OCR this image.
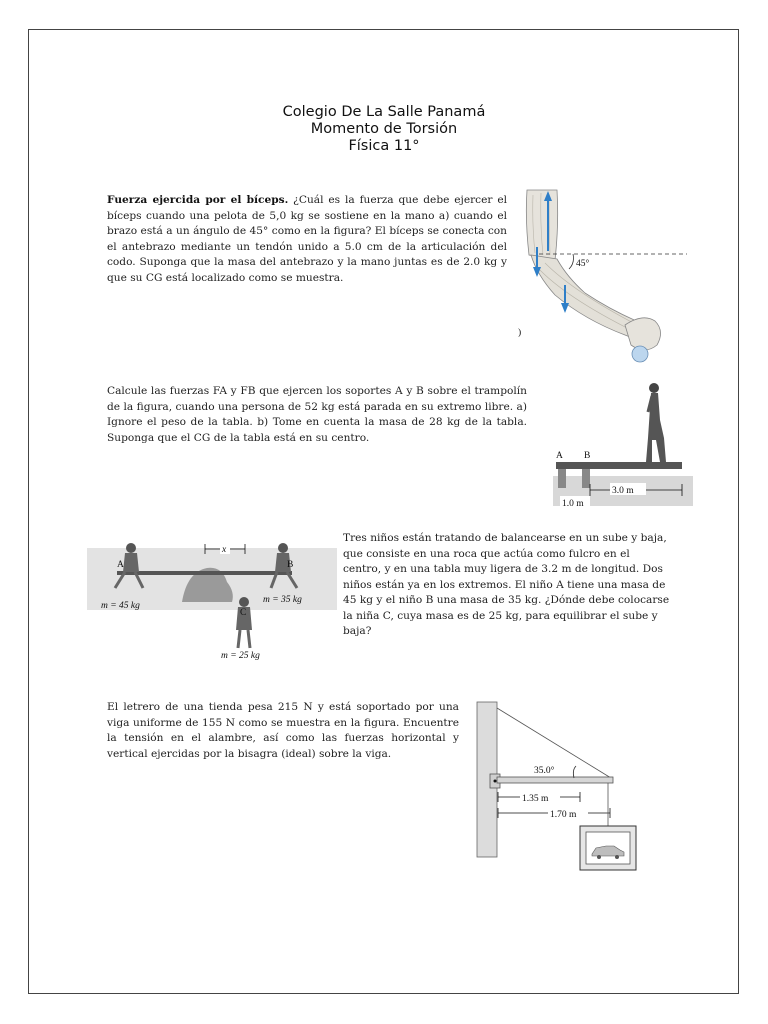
Colegio De La Salle Panamá
Momento de Torsión
Física 11°
Fuerza ejercida por el bíceps. ¿Cuál es la fuerza que debe ejercer el bíceps cuando una pelota de 5,0 kg se sostiene en la mano a) cuando el brazo está a un ángulo de 45° como en la figura? El bíceps se conecta con el antebrazo mediante un tendón unido a 5.0 cm de la articulación del codo. Suponga que la masa del antebrazo y la mano juntas es de 2.0 kg y que su CG está localizado como se muestra.
45°
)
Calcule las fuerzas FA y FB que ejercen los soportes A y B sobre el trampolín de la figura, cuando una persona de 52 kg está parada en su extremo libre. a) Ignore el peso de la tabla. b) Tome en cuenta la masa de 28 kg de la tabla. Suponga que el CG de la tabla está en su centro.
A B
3.0 m
1.0 m
x
A	B
C
m = 45 kg
m = 35 kg
m = 25 kg
Tres niños están tratando de balancearse en un sube y baja, que consiste en una roca que actúa como fulcro en el centro, y en una tabla muy ligera de 3.2 m de longitud. Dos niños están ya en los extremos. El niño A tiene una masa de 45 kg y el niño B una masa de 35 kg. ¿Dónde debe colocarse la niña C, cuya masa es de 25 kg, para equilibrar el sube y baja?
El letrero de una tienda pesa 215 N y está soportado por una viga uniforme de 155 N como se muestra en la figura. Encuentre la tensión en el alambre, así como las fuerzas horizontal y vertical ejercidas por la bisagra (ideal) sobre la viga.
35.0°
1.35 m
1.70 m
